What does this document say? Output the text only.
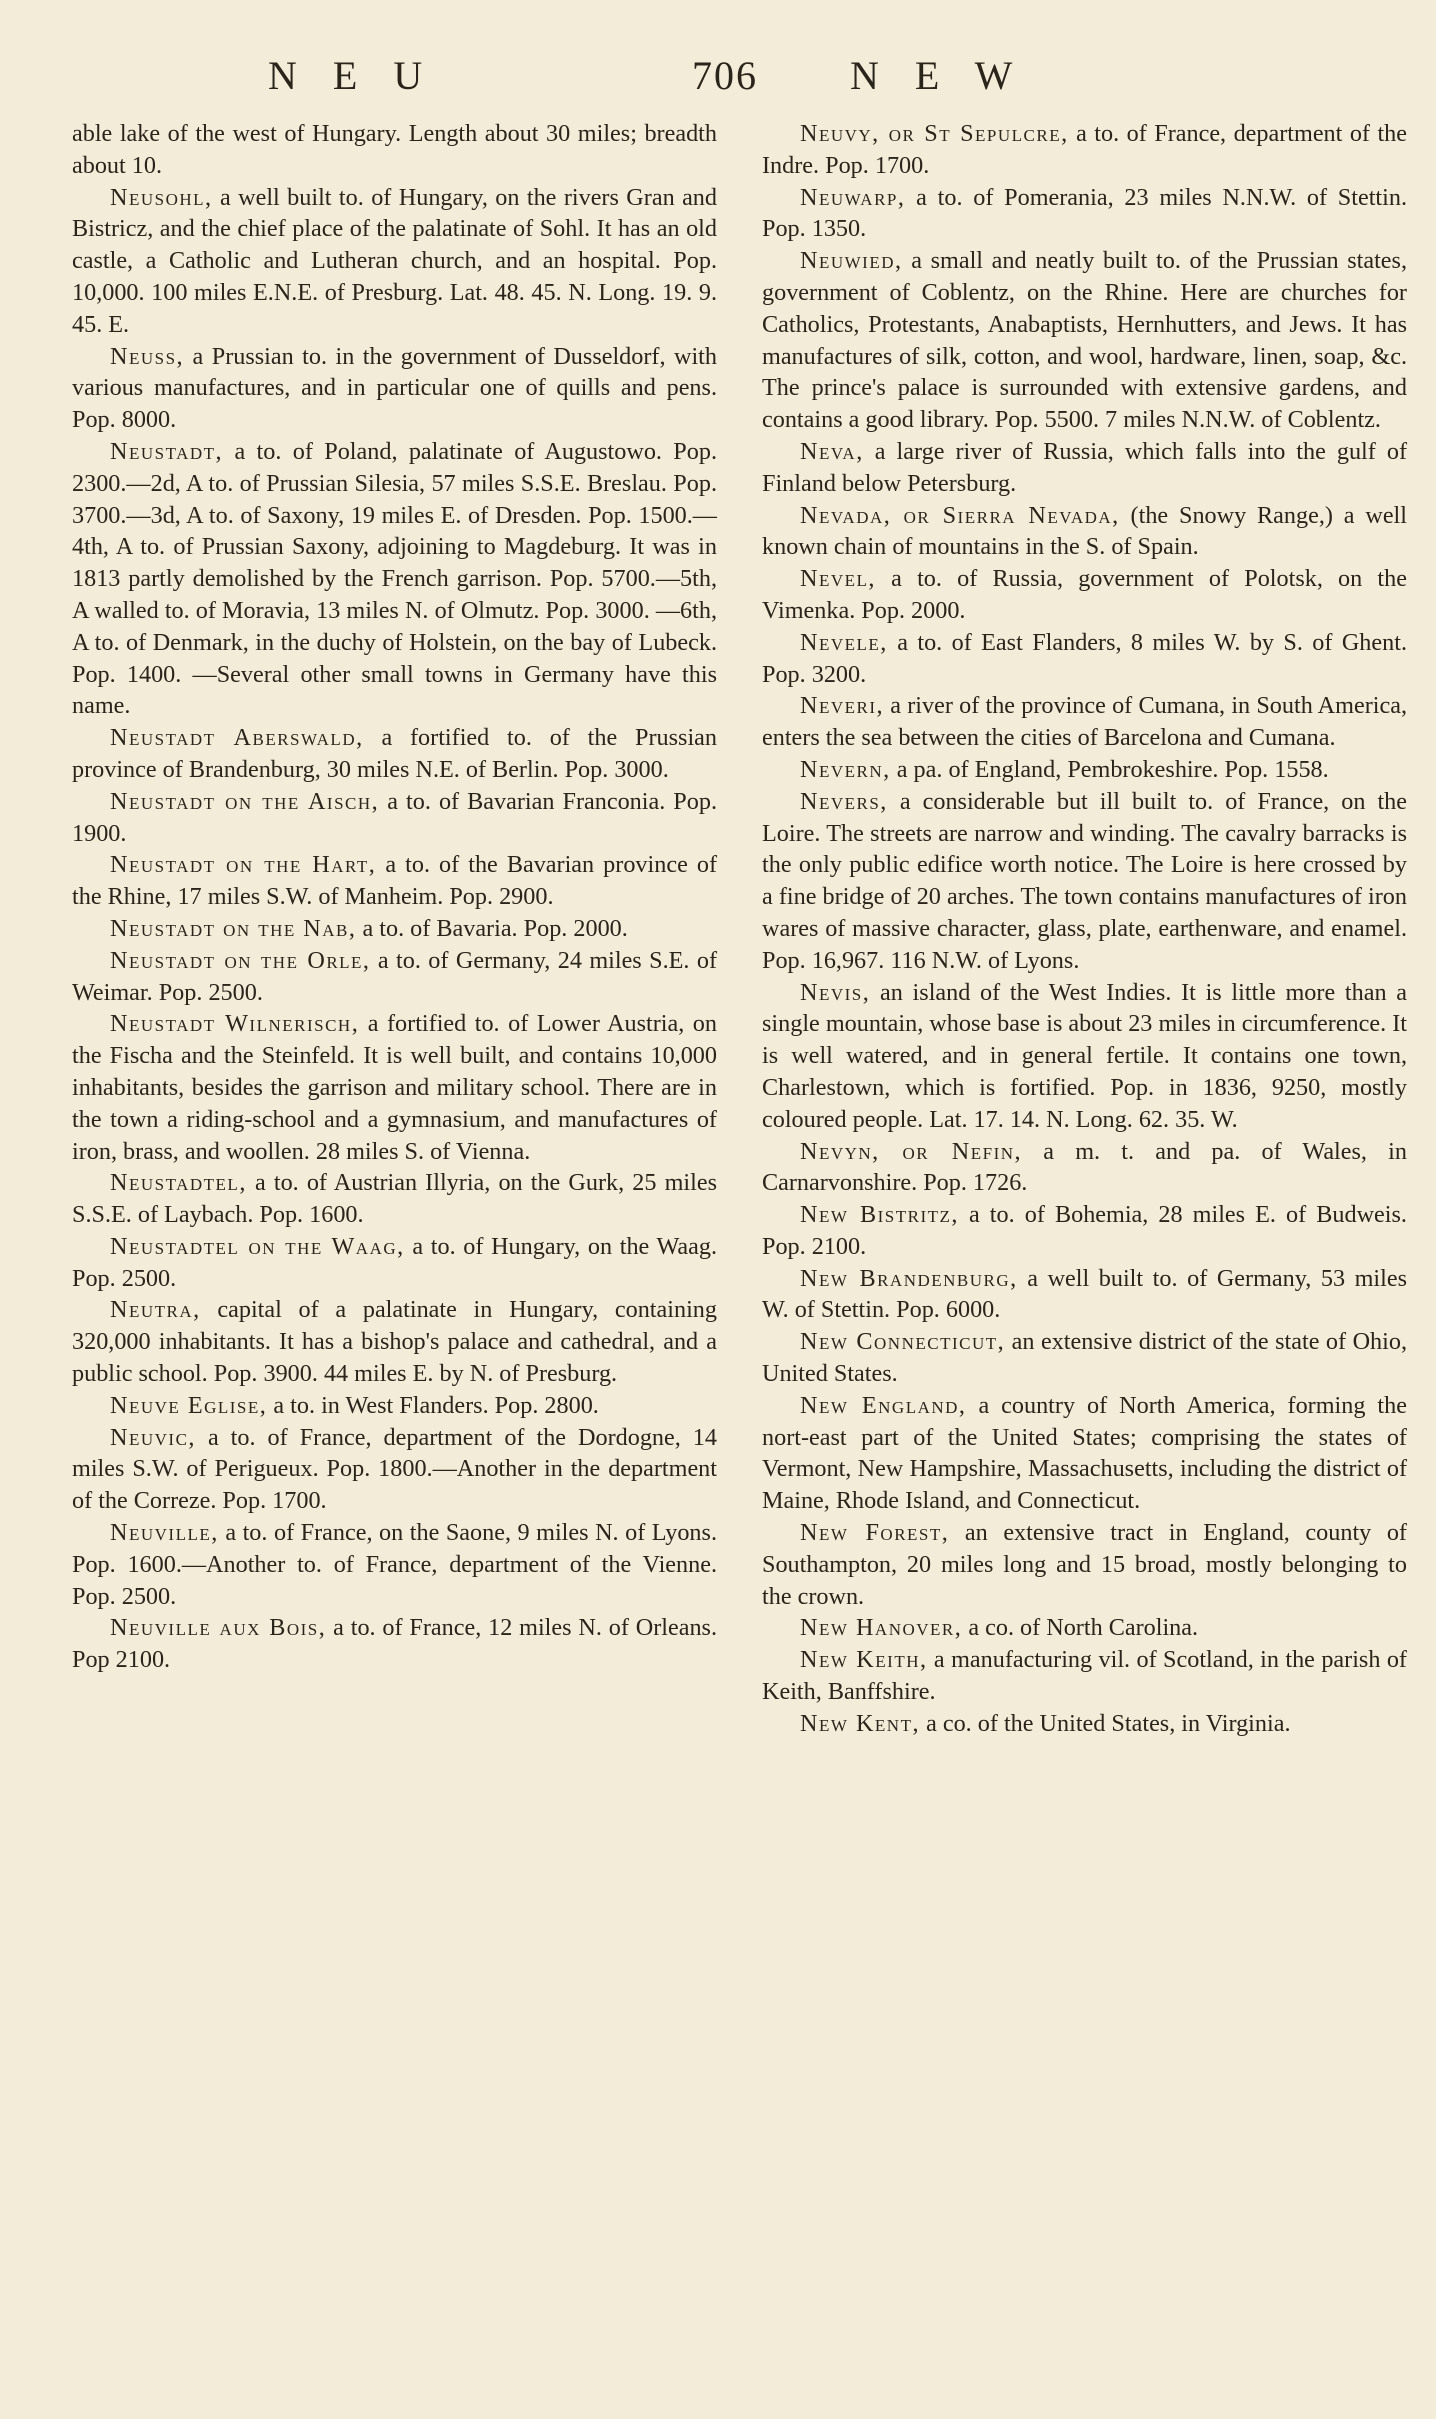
N E U	706 N E W

able lake of the west of Hungary. Length about 30 miles; breadth about 10.

Neusohl, a well built to. of Hungary, on the rivers Gran and Bistricz, and the chief place of the palatinate of Sohl. It has an old castle, a Catholic and Lutheran church, and an hospital. Pop. 10,000. 100 miles E.N.E. of Presburg. Lat. 48. 45. N. Long. 19. 9. 45. E.

Neuss, a Prussian to. in the government of Dusseldorf, with various manufactures, and in particular one of quills and pens. Pop. 8000.

Neustadt, a to. of Poland, palatinate of Augustowo. Pop. 2300.—2d, A to. of Prussian Silesia, 57 miles S.S.E. Breslau. Pop. 3700.—3d, A to. of Saxony, 19 miles E. of Dresden. Pop. 1500.—4th, A to. of Prussian Saxony, adjoining to Magdeburg. It was in 1813 partly demolished by the French garrison. Pop. 5700.—5th, A walled to. of Moravia, 13 miles N. of Olmutz. Pop. 3000. —6th, A to. of Denmark, in the duchy of Holstein, on the bay of Lubeck. Pop. 1400. —Several other small towns in Germany have this name.

Neustadt Aberswald, a fortified to. of the Prussian province of Brandenburg, 30 miles N.E. of Berlin. Pop. 3000.

Neustadt on the Aisch, a to. of Bavarian Franconia. Pop. 1900.

Neustadt on the Hart, a to. of the Bavarian province of the Rhine, 17 miles S.W. of Manheim. Pop. 2900.

Neustadt on the Nab, a to. of Bavaria. Pop. 2000.

Neustadt on the Orle, a to. of Germany, 24 miles S.E. of Weimar. Pop. 2500.

Neustadt Wilnerisch, a fortified to. of Lower Austria, on the Fischa and the Steinfeld. It is well built, and contains 10,000 inhabitants, besides the garrison and military school. There are in the town a riding-school and a gymnasium, and manufactures of iron, brass, and woollen. 28 miles S. of Vienna.

Neustadtel, a to. of Austrian Illyria, on the Gurk, 25 miles S.S.E. of Laybach. Pop. 1600.

Neustadtel on the Waag, a to. of Hungary, on the Waag. Pop. 2500.

Neutra, capital of a palatinate in Hungary, containing 320,000 inhabitants. It has a bishop's palace and cathedral, and a public school. Pop. 3900. 44 miles E. by N. of Presburg.

Neuve Eglise, a to. in West Flanders. Pop. 2800.

Neuvic, a to. of France, department of the Dordogne, 14 miles S.W. of Perigueux. Pop. 1800.—Another in the department of the Correze. Pop. 1700.

Neuville, a to. of France, on the Saone, 9 miles N. of Lyons. Pop. 1600.—Another to. of France, department of the Vienne. Pop. 2500.

Neuville aux Bois, a to. of France, 12 miles N. of Orleans. Pop 2100.

Neuvy, or St Sepulcre, a to. of France, department of the Indre. Pop. 1700.

Neuwarp, a to. of Pomerania, 23 miles N.N.W. of Stettin. Pop. 1350.

Neuwied, a small and neatly built to. of the Prussian states, government of Coblentz, on the Rhine. Here are churches for Catholics, Protestants, Anabaptists, Hernhutters, and Jews. It has manufactures of silk, cotton, and wool, hardware, linen, soap, &c. The prince's palace is surrounded with extensive gardens, and contains a good library. Pop. 5500. 7 miles N.N.W. of Coblentz.

Neva, a large river of Russia, which falls into the gulf of Finland below Petersburg.

Nevada, or Sierra Nevada, (the Snowy Range,) a well known chain of mountains in the S. of Spain.

Nevel, a to. of Russia, government of Polotsk, on the Vimenka. Pop. 2000.

Nevele, a to. of East Flanders, 8 miles W. by S. of Ghent. Pop. 3200.

Neveri, a river of the province of Cumana, in South America, enters the sea between the cities of Barcelona and Cumana.

Nevern, a pa. of England, Pembrokeshire. Pop. 1558.

Nevers, a considerable but ill built to. of France, on the Loire. The streets are narrow and winding. The cavalry barracks is the only public edifice worth notice. The Loire is here crossed by a fine bridge of 20 arches. The town contains manufactures of iron wares of massive character, glass, plate, earthenware, and enamel. Pop. 16,967. 116 N.W. of Lyons.

Nevis, an island of the West Indies. It is little more than a single mountain, whose base is about 23 miles in circumference. It is well watered, and in general fertile. It contains one town, Charlestown, which is fortified. Pop. in 1836, 9250, mostly coloured people. Lat. 17. 14. N. Long. 62. 35. W.

Nevyn, or Nefin, a m. t. and pa. of Wales, in Carnarvonshire. Pop. 1726.

New Bistritz, a to. of Bohemia, 28 miles E. of Budweis. Pop. 2100.

New Brandenburg, a well built to. of Germany, 53 miles W. of Stettin. Pop. 6000.

New Connecticut, an extensive district of the state of Ohio, United States.

New England, a country of North America, forming the nort-east part of the United States; comprising the states of Vermont, New Hampshire, Massachusetts, including the district of Maine, Rhode Island, and Connecticut.

New Forest, an extensive tract in England, county of Southampton, 20 miles long and 15 broad, mostly belonging to the crown.

New Hanover, a co. of North Carolina.

New Keith, a manufacturing vil. of Scotland, in the parish of Keith, Banffshire.

New Kent, a co. of the United States, in Virginia.
